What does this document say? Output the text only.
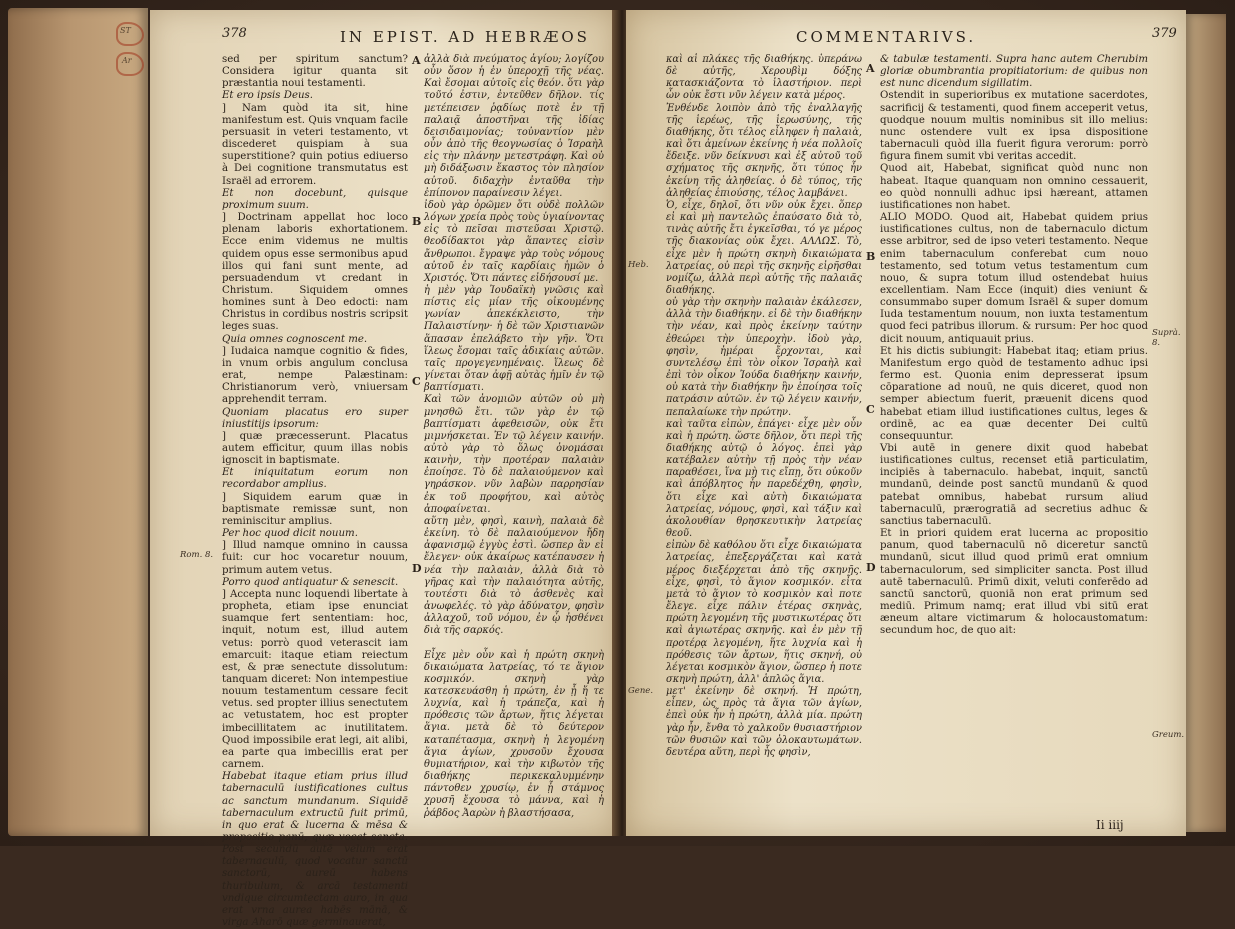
ST
Ar
378	IN EPIST. AD HEBRÆOS

sed per spiritum sanctum? Considera igitur quanta sit præstantia noui testamenti.

Et ero ipsis Deus.

] Nam quòd ita sit, hine manifestum est. Quis vnquam facile persuasit in veteri testamento, vt discederet quispiam à sua superstitione? quin potius ediuerso à Dei cognitione transmutatus est Israël ad errorem.

Et non docebunt, quisque proximum suum.

] Doctrinam appellat hoc loco plenam laboris exhortationem. Ecce enim videmus ne multis quidem opus esse sermonibus apud illos qui fani sunt mente, ad persuadendum vt credant in Christum. Siquidem omnes homines sunt à Deo edocti: nam Christus in cordibus nostris scripsit leges suas.

Quia omnes cognoscent me.

] Iudaica namque cognitio & fides, in vnum orbis angulum conclusa erat, nempe Palæstinam: Christianorum verò, vniuersam apprehendit terram.

Quoniam placatus ero super iniustitijs ipsorum:

] quæ præcesserunt. Placatus autem efficitur, quum illas nobis ignoscit in baptismate.

Et iniquitatum eorum non recordabor amplius.

] Siquidem earum quæ in baptismate remissæ sunt, non reminiscitur amplius.

Per hoc quod dicit nouum.

] Illud namque omnino in caussa fuit: cur hoc vocaretur nouum, primum autem vetus.

Porro quod antiquatur & senescit.

] Accepta nunc loquendi libertate à propheta, etiam ipse enunciat suamque fert sententiam: hoc, inquit, notum est, illud autem vetus: porrò quod veterascit iam emarcuit: itaque etiam reiectum est, & præ senectute dissolutum: tanquam diceret: Non intempestiue nouum testamentum cessare fecit vetus. sed propter illius senectutem ac vetustatem, hoc est propter imbecillitatem ac inutilitatem. Quod impossibile erat legi, ait alibi, ea parte qua imbecillis erat per carnem.

Habebat itaque etiam prius illud tabernaculū iustificationes cultus ac sanctum mundanum. Siquidē tabernaculum extructū fuit primū, in quo erat & lucerna & mēsa & propositio panū, quæ vocat sancta. Post secundū autē velum erat tabernaculū, quod vocatur sanctū sanctorū, aureū habens thuribulum, & arcā testamenti vndique circumtectam auro, in qua erat vrna aurea habēs mānā, & virga Aharō quæ germinauerat,

A
B
C
D
Rom. 8.

ἀλλὰ διὰ πνεύματος ἁγίου; λογίζου οὖν ὅσον ἡ ἐν ὑπεροχῇ τῆς νέας. Καὶ ἔσομαι αὐτοῖς εἰς θεόν. ὅτι γὰρ τοῦτό ἐστιν, ἐντεῦθεν δῆλον. τίς μετέπεισεν ῥᾳδίως ποτὲ ἐν τῇ παλαιᾷ ἀποστῆναι τῆς ἰδίας δεισιδαιμονίας; τοὐναντίον μὲν οὖν ἀπὸ τῆς θεογνωσίας ὁ Ἰσραὴλ εἰς τὴν πλάνην μετεστράφη. Καὶ οὐ μὴ διδάξωσιν ἕκαστος τὸν πλησίον αὐτοῦ. διδαχὴν ἐνταῦθα τὴν ἐπίπονον παραίνεσιν λέγει.

ἰδοὺ γὰρ ὁρῶμεν ὅτι οὐδὲ πολλῶν λόγων χρεία πρὸς τοὺς ὑγιαίνοντας εἰς τὸ πεῖσαι πιστεῦσαι Χριστῷ. θεοδίδακτοι γὰρ ἅπαντες εἰσὶν ἄνθρωποι. ἔγραψε γὰρ τοὺς νόμους αὐτοῦ ἐν ταῖς καρδίαις ἡμῶν ὁ Χριστός. Ὅτι πάντες εἰδήσουσί με.

ἡ μὲν γὰρ Ἰουδαϊκὴ γνῶσις καὶ πίστις εἰς μίαν τῆς οἰκουμένης γωνίαν ἀπεκέκλειστο, τὴν Παλαιστίνην· ἡ δὲ τῶν Χριστιανῶν ἅπασαν ἐπελάβετο τὴν γῆν. Ὅτι ἵλεως ἔσομαι ταῖς ἀδικίαις αὐτῶν. ταῖς προγεγενημέναις. ἵλεως δὲ γίνεται ὅταν ἀφῇ αὐτὰς ἡμῖν ἐν τῷ βαπτίσματι.

Καὶ τῶν ἀνομιῶν αὐτῶν οὐ μὴ μνησθῶ ἔτι. τῶν γὰρ ἐν τῷ βαπτίσματι ἀφεθεισῶν, οὐκ ἔτι μιμνήσκεται. Ἐν τῷ λέγειν καινήν. αὐτὸ γὰρ τὸ ὅλως ὀνομάσαι καινὴν, τὴν προτέραν παλαιὰν ἐποίησε. Τὸ δὲ παλαιούμενον καὶ γηράσκον. νῦν λαβὼν παρρησίαν ἐκ τοῦ προφήτου, καὶ αὐτὸς ἀποφαίνεται.

αὕτη μὲν, φησὶ, καινὴ, παλαιὰ δὲ ἐκείνη. τὸ δὲ παλαιούμενον ἤδη ἀφανισμῷ ἐγγὺς ἐστὶ. ὥσπερ ἂν εἰ ἔλεγεν· οὐκ ἀκαίρως κατέπαυσεν ἡ νέα τὴν παλαιὰν, ἀλλὰ διὰ τὸ γῆρας καὶ τὴν παλαιότητα αὐτῆς, τουτέστι διὰ τὸ ἀσθενὲς καὶ ἀνωφελές. τὸ γὰρ ἀδύνατον, φησὶν ἀλλαχοῦ, τοῦ νόμου, ἐν ᾧ ἠσθένει διὰ τῆς σαρκός.

Εἶχε μὲν οὖν καὶ ἡ πρώτη σκηνὴ δικαιώματα λατρείας, τό τε ἅγιον κοσμικόν. σκηνὴ γὰρ κατεσκευάσθη ἡ πρώτη, ἐν ᾗ ἥ τε λυχνία, καὶ ἡ τράπεζα, καὶ ἡ πρόθεσις τῶν ἄρτων, ἥτις λέγεται ἅγια. μετὰ δὲ τὸ δεύτερον καταπέτασμα, σκηνὴ ἡ λεγομένη ἅγια ἁγίων, χρυσοῦν ἔχουσα θυμιατήριον, καὶ τὴν κιβωτὸν τῆς διαθήκης περικεκαλυμμένην πάντοθεν χρυσίῳ, ἐν ᾗ στάμνος χρυσῆ ἔχουσα τὸ μάννα, καὶ ἡ ῥάβδος Ἀαρὼν ἡ βλαστήσασα,

COMMENTARIVS.	379

καὶ αἱ πλάκες τῆς διαθήκης. ὑπεράνω δὲ αὐτῆς, Χερουβὶμ δόξης κατασκιάζοντα τὸ ἱλαστήριον. περὶ ὧν οὐκ ἔστι νῦν λέγειν κατὰ μέρος.

Ἐνθένδε λοιπὸν ἀπὸ τῆς ἐναλλαγῆς τῆς ἱερέως, τῆς ἱερωσύνης, τῆς διαθήκης, ὅτι τέλος εἶληφεν ἡ παλαιὰ, καὶ ὅτι ἀμείνων ἐκείνης ἡ νέα πολλοῖς ἔδειξε. νῦν δείκνυσι καὶ ἐξ αὐτοῦ τοῦ σχήματος τῆς σκηνῆς, ὅτι τύπος ἦν ἐκείνη τῆς ἀληθείας. ὁ δὲ τύπος, τῆς ἀληθείας ἐπιούσης, τέλος λαμβάνει.

Ὁ, εἶχε, δηλοῖ, ὅτι νῦν οὐκ ἔχει. ὅπερ εἰ καὶ μὴ παντελῶς ἐπαύσατο διὰ τὸ, τινὰς αὐτῆς ἔτι ἐγκεῖσθαι, τό γε μέρος τῆς διακονίας οὐκ ἔχει. ΑΛΛΩΣ. Τὸ, εἶχε μὲν ἡ πρώτη σκηνὴ δικαιώματα λατρείας, οὐ περὶ τῆς σκηνῆς εἰρῆσθαι νομίζω, ἀλλὰ περὶ αὐτῆς τῆς παλαιᾶς διαθήκης.

οὐ γὰρ τὴν σκηνὴν παλαιὰν ἐκάλεσεν, ἀλλὰ τὴν διαθήκην. εἰ δὲ τὴν διαθήκην τὴν νέαν, καὶ πρὸς ἐκείνην ταύτην ἐθεώρει τὴν ὑπεροχὴν. ἰδοὺ γὰρ, φησὶν, ἡμέραι ἔρχονται, καὶ συντελέσω ἐπὶ τὸν οἶκον Ἰσραὴλ καὶ ἐπὶ τὸν οἶκον Ἰούδα διαθήκην καινήν, οὐ κατὰ τὴν διαθήκην ἣν ἐποίησα τοῖς πατράσιν αὐτῶν. ἐν τῷ λέγειν καινήν, πεπαλαίωκε τὴν πρώτην.

καὶ ταῦτα εἰπὼν, ἐπάγει· εἶχε μὲν οὖν καὶ ἡ πρώτη. ὥστε δῆλον, ὅτι περὶ τῆς διαθήκης αὐτῷ ὁ λόγος. ἐπεὶ γὰρ κατέβαλεν αὐτὴν τῇ πρὸς τὴν νέαν παραθέσει, ἵνα μὴ τις εἴπῃ, ὅτι οὐκοῦν καὶ ἀπόβλητος ἦν παρεδέχθη, φησὶν, ὅτι εἶχε καὶ αὐτὴ δικαιώματα λατρείας, νόμους, φησὶ, καὶ τάξιν καὶ ἀκολουθίαν θρησκευτικὴν λατρείας θεοῦ.

εἰπὼν δὲ καθόλου ὅτι εἶχε δικαιώματα λατρείας, ἐπεξεργάζεται καὶ κατὰ μέρος διεξέρχεται ἀπὸ τῆς σκηνῆς. εἶχε, φησὶ, τὸ ἅγιον κοσμικόν. εἶτα μετὰ τὸ ἅγιον τὸ κοσμικὸν καὶ ποτε ἔλεγε. εἶχε πάλιν ἑτέρας σκηνὰς, πρώτη λεγομένη τῆς μυστικωτέρας ὅτι καὶ ἁγιωτέρας σκηνῆς. καὶ ἐν μὲν τῇ προτέρᾳ λεγομένη, ἥτε λυχνία καὶ ἡ πρόθεσις τῶν ἄρτων, ἥτις σκηνή, οὐ λέγεται κοσμικὸν ἅγιον, ὥσπερ ἡ ποτε σκηνὴ πρώτη, ἀλλ' ἁπλῶς ἅγια.

μετ' ἐκείνην δὲ σκηνή. Ἡ πρώτη, εἶπεν, ὡς πρὸς τὰ ἅγια τῶν ἁγίων, ἐπεὶ οὐκ ἦν ἡ πρώτη, ἀλλὰ μία. πρώτη γὰρ ἦν, ἔνθα τὸ χαλκοῦν θυσιαστήριον τῶν θυσιῶν καὶ τῶν ὁλοκαυτωμάτων. δευτέρα αὕτη, περὶ ἧς φησὶν,

A
B
C
D

& tabulæ testamenti. Supra hanc autem Cherubim gloriæ obumbrantia propitiatorium: de quibus non est nunc dicendum sigillatim.

Ostendit in superioribus ex mutatione sacerdotes, sacrificij & testamenti, quod finem acceperit vetus, quodque nouum multis nominibus sit illo melius: nunc ostendere vult ex ipsa dispositione tabernaculi quòd illa fuerit figura verorum: porrò figura finem sumit vbi veritas accedit.

Quod ait, Habebat, significat quòd nunc non habeat. Itaque quanquam non omnino cessauerit, eo quòd nonnulli adhuc ipsi hæreant, attamen iustificationes non habet.

ALIO MODO. Quod ait, Habebat quidem prius iustificationes cultus, non de tabernaculo dictum esse arbitror, sed de ipso veteri testamento. Neque enim tabernaculum conferebat cum nouo testamento, sed totum vetus testamentum cum nouo, & supra totum illud ostendebat huius excellentiam. Nam Ecce (inquit) dies veniunt & consummabo super domum Israël & super domum Iuda testamentum nouum, non iuxta testamentum quod feci patribus illorum. & rursum: Per hoc quod dicit nouum, antiquauit prius.

Et his dictis subiungit: Habebat itaq; etiam prius. Manifestum ergo quòd de testamento adhuc ipsi fermo est. Quonia enim depresserat ipsum cōparatione ad nouū, ne quis diceret, quod non semper abiectum fuerit, præuenit dicens quod habebat etiam illud iustificationes cultus, leges & ordinē, ac ea quæ decenter Dei cultū consequuntur.

Vbi autē in genere dixit quod habebat iustificationes cultus, recenset etiā particulatim, incipiēs à tabernaculo. habebat, inquit, sanctū mundanū, deinde post sanctū mundanū & quod patebat omnibus, habebat rursum aliud tabernaculū, prærogratiā ad secretius adhuc & sanctius tabernaculū.

Et in priori quidem erat lucerna ac propositio panum, quod tabernaculū nō diceretur sanctū mundanū, sicut illud quod primū erat omnium tabernaculorum, sed simpliciter sancta. Post illud autē tabernaculū. Primū dixit, veluti conferēdo ad sanctū sanctorū, quoniā non erat primum sed mediū. Primum namq; erat illud vbi sitū erat æneum altare victimarum & holocaustomatum: secundum hoc, de quo ait:

Heb.
Suprà. 8.
Gene.
Greum.
Ii iiij
